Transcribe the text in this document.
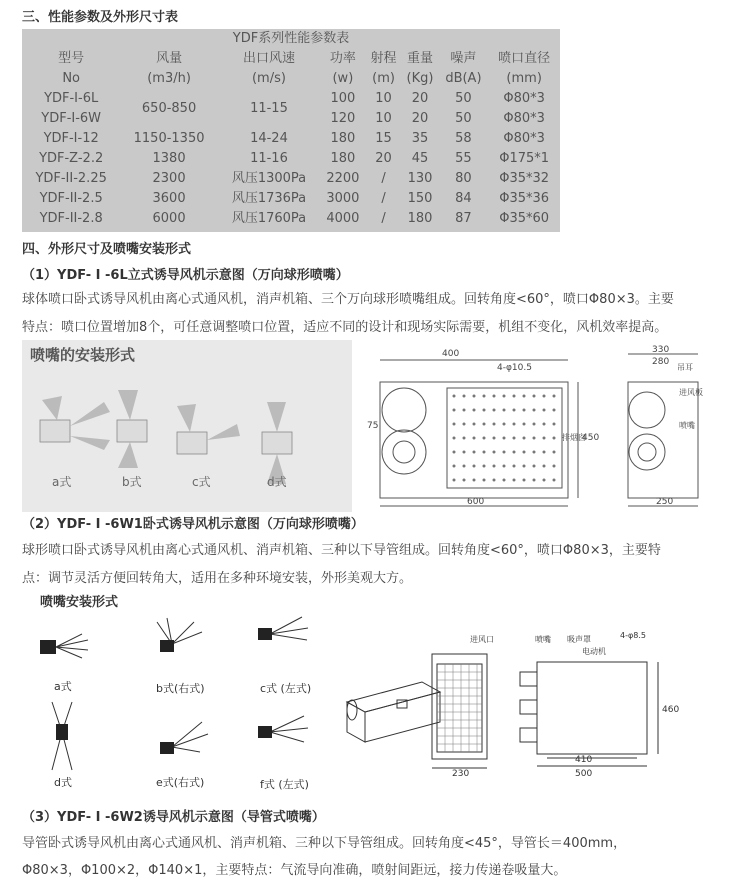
三、性能参数及外形尺寸表
YDF系列性能参数表							
型号	风量	出口风速	功率	射程	重量	噪声	喷口直径
No	(m3/h)	(m/s)	(w)	(m)	(Kg)	dB(A)	(mm)
YDF-I-6L	650-850	11-15	100	10	20	50	Φ80*3
YDF-I-6W			120	10	20	50	Φ80*3
YDF-I-12	1150-1350	14-24	180	15	35	58	Φ80*3
YDF-Z-2.2	1380	11-16	180	20	45	55	Φ175*1
YDF-II-2.25	2300	风压1300Pa	2200	/	130	80	Φ35*32
YDF-II-2.5	3600	风压1736Pa	3000	/	150	84	Φ35*36
YDF-II-2.8	6000	风压1760Pa	4000	/	180	87	Φ35*60
四、外形尺寸及喷嘴安装形式
（1）YDF- I -6L立式诱导风机示意图（万向球形喷嘴）
球体喷口卧式诱导风机由离心式通风机，消声机箱、三个万向球形喷嘴组成。回转角度<60°，喷口Φ80×3。主要
特点：喷口位置增加8个，可任意调整喷口位置，适应不同的设计和现场实际需要，机组不变化，风机效率提高。
喷嘴的安装形式
a式	b式	c式	d式
400
4-φ10.5
75
450
600
330
280
吊耳
进风板
喷嘴
排烟囱
250
（2）YDF- I -6W1卧式诱导风机示意图（万向球形喷嘴）
球形喷口卧式诱导风机由离心式通风机、消声机箱、三种以下导管组成。回转角度<60°，喷口Φ80×3，主要特
点：调节灵活方便回转角大，适用在多种环境安装，外形美观大方。
喷嘴安装形式
a式	b式(右式)	c式 (左式)
d式	e式(右式)	f式 (左式)
230
进风口
410
500
460
4-φ8.5
吸声罩
喷嘴
电动机
（3）YDF- I -6W2诱导风机示意图（导管式喷嘴）
导管卧式诱导风机由离心式通风机、消声机箱、三种以下导管组成。回转角度<45°，导管长＝400mm，
Φ80×3，Φ100×2，Φ140×1，主要特点：气流导向准确，喷射间距远，接力传递卷吸量大。
